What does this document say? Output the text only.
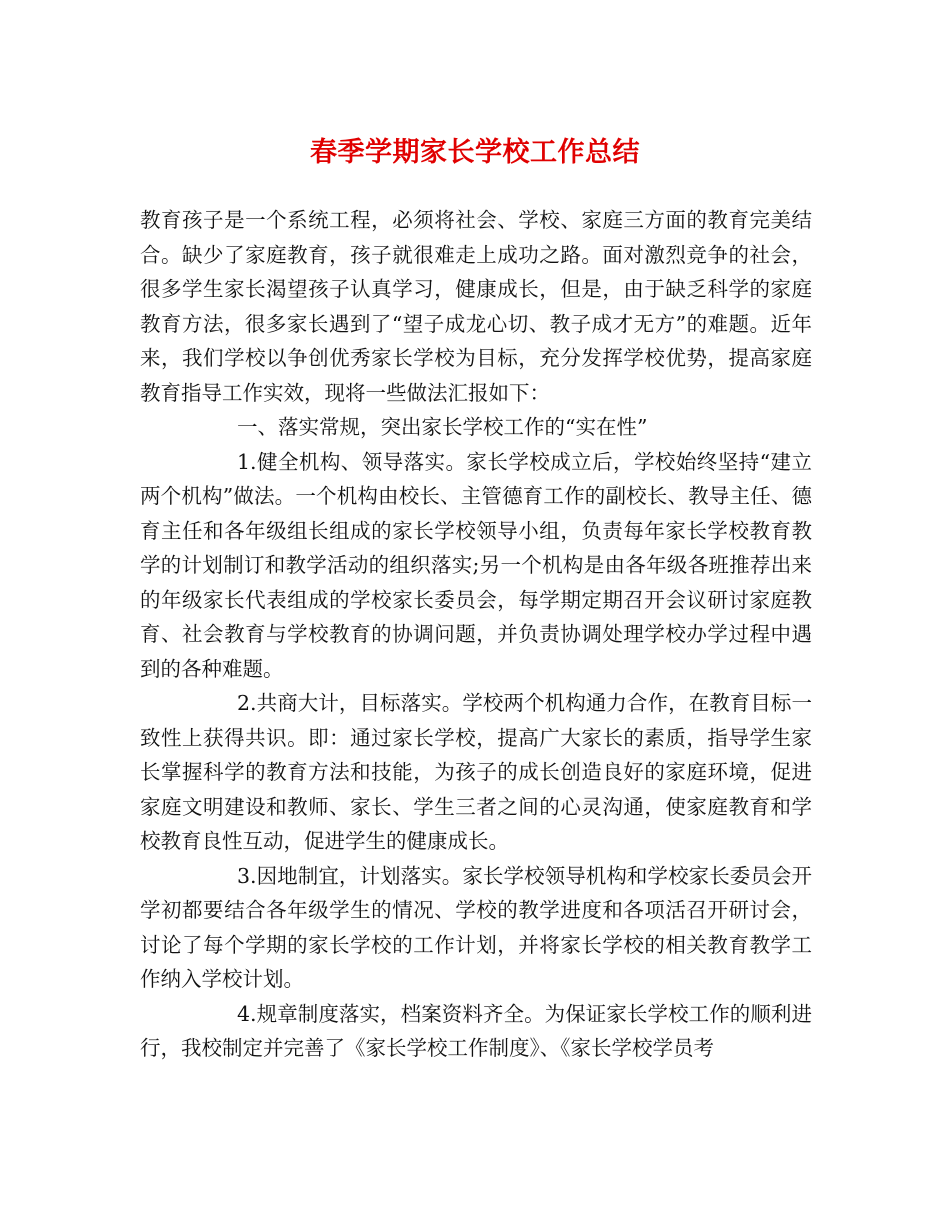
春季学期家长学校工作总结

教育孩子是一个系统工程，必须将社会、学校、家庭三方面的教育完美结合。缺少了家庭教育，孩子就很难走上成功之路。面对激烈竞争的社会，很多学生家长渴望孩子认真学习，健康成长，但是，由于缺乏科学的家庭教育方法，很多家长遇到了“望子成龙心切、教子成才无方”的难题。近年来，我们学校以争创优秀家长学校为目标，充分发挥学校优势，提高家庭教育指导工作实效，现将一些做法汇报如下：

一、落实常规，突出家长学校工作的“实在性”

1.健全机构、领导落实。家长学校成立后，学校始终坚持“建立两个机构”做法。一个机构由校长、主管德育工作的副校长、教导主任、德育主任和各年级组长组成的家长学校领导小组，负责每年家长学校教育教学的计划制订和教学活动的组织落实;另一个机构是由各年级各班推荐出来的年级家长代表组成的学校家长委员会，每学期定期召开会议研讨家庭教育、社会教育与学校教育的协调问题，并负责协调处理学校办学过程中遇到的各种难题。

2.共商大计，目标落实。学校两个机构通力合作，在教育目标一致性上获得共识。即：通过家长学校，提高广大家长的素质，指导学生家长掌握科学的教育方法和技能，为孩子的成长创造良好的家庭环境，促进家庭文明建设和教师、家长、学生三者之间的心灵沟通，使家庭教育和学校教育良性互动，促进学生的健康成长。

3.因地制宜，计划落实。家长学校领导机构和学校家长委员会开学初都要结合各年级学生的情况、学校的教学进度和各项活召开研讨会，讨论了每个学期的家长学校的工作计划，并将家长学校的相关教育教学工作纳入学校计划。

4.规章制度落实，档案资料齐全。为保证家长学校工作的顺利进行，我校制定并完善了《家长学校工作制度》、《家长学校学员考
